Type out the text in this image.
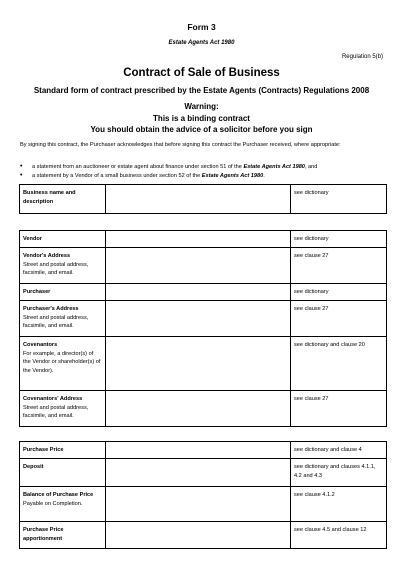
Form 3
Estate Agents Act 1980
Regulation 5(b)
Contract of Sale of Business
Standard form of contract prescribed by the Estate Agents (Contracts) Regulations 2008
Warning:
This is a binding contract
You should obtain the advice of a solicitor before you sign
By signing this contract, the Purchaser acknowledges that before signing this contract the Purchaser received, where appropriate:
• a statement from an auctioneer or estate agent about finance under section 51 of the Estate Agents Act 1980, and
• a statement by a Vendor of a small business under section 52 of the Estate Agents Act 1980.
Business name and description
		see dictionary
Vendor		see dictionary

Vendor's Address
Street and postal address, facsimile, and email.		see clause 27

Purchaser		see dictionary

Purchaser's Address
Street and postal address, facsimile, and email.		see clause 27

Covenantors
For example, a director(s) of the Vendor or shareholder(s) of the Vendor).		see dictionary and clause 20

Covenantors' Address
Street and postal address, facsimile, and email.		see clause 27
Purchase Price		see dictionary and clause 4

Deposit		see dictionary and clauses 4.1.1, 4.2 and 4.3

Balance of Purchase Price
Payable on Completion.		see clause 4.1.2

Purchase Price apportionment		see clause 4.5 and clause 12
